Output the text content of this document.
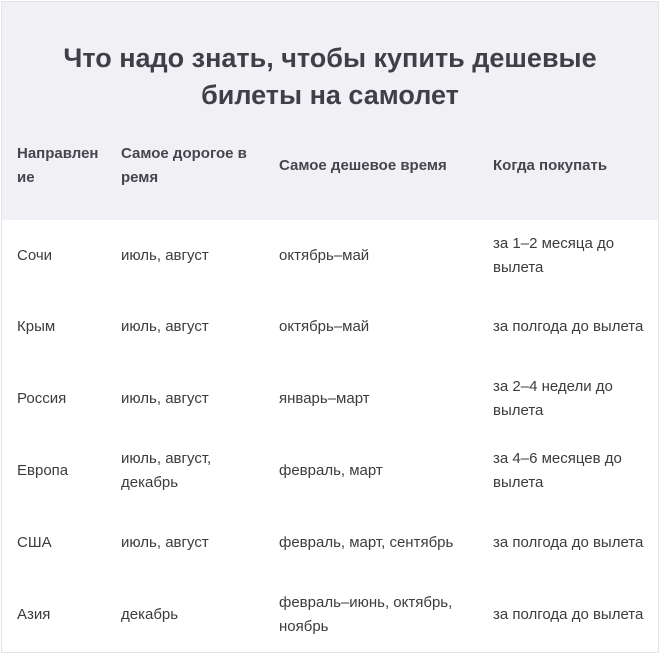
Что надо знать, чтобы купить дешевые билеты на самолет
Направление	Самое дорогое время	Самое дешевое время	Когда покупать
Сочи	июль, август	октябрь–май	за 1–2 месяца до вылета
Крым	июль, август	октябрь–май	за полгода до вылета
Россия	июль, август	январь–март	за 2–4 недели до вылета
Европа	июль, август, декабрь	февраль, март	за 4–6 месяцев до вылета
США	июль, август	февраль, март, сентябрь	за полгода до вылета
Азия	декабрь	февраль–июнь, октябрь, ноябрь	за полгода до вылета
